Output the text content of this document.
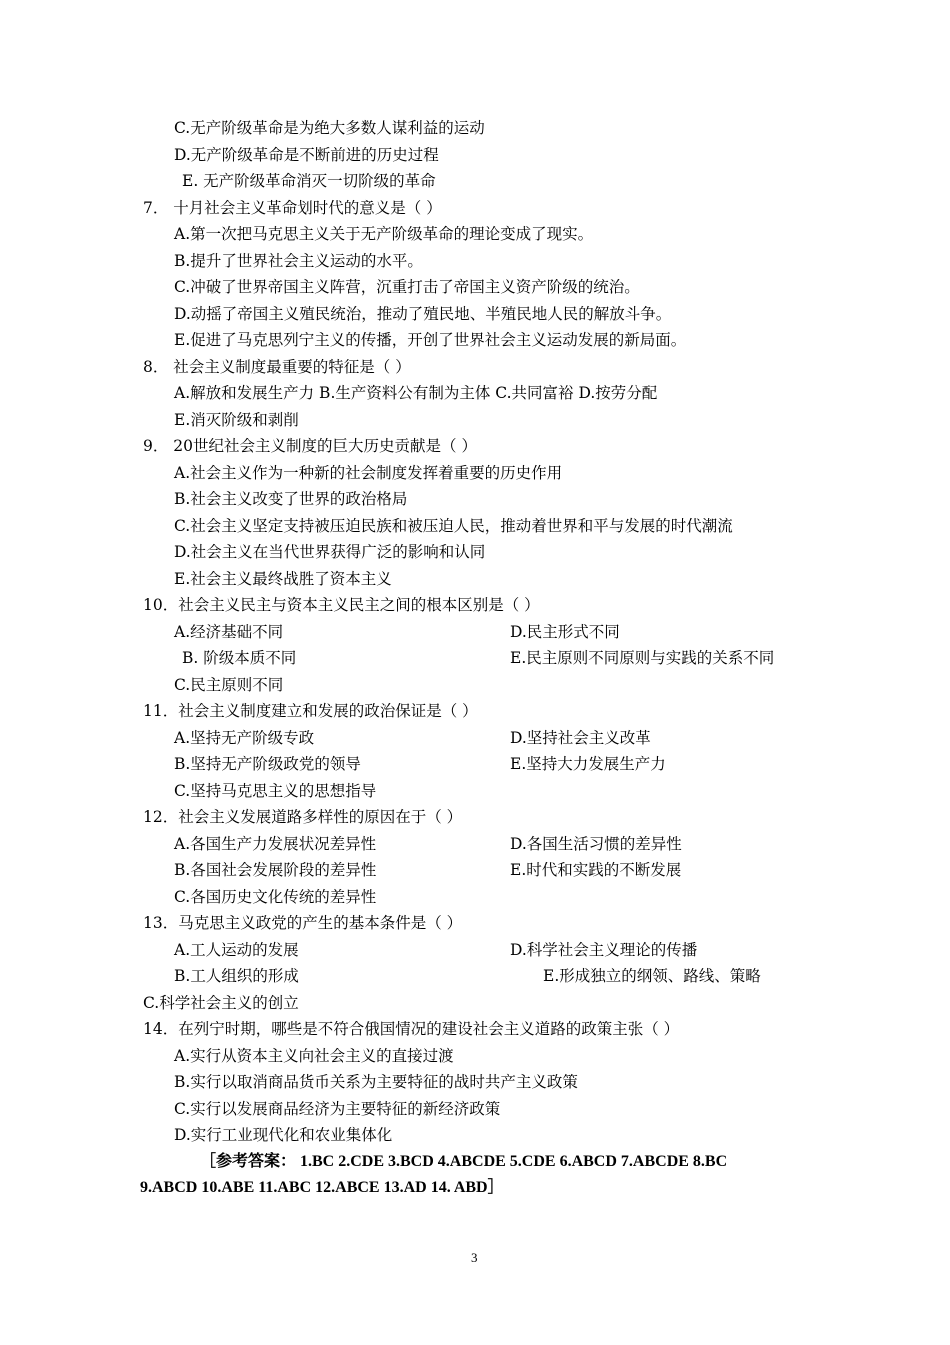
C.无产阶级革命是为绝大多数人谋利益的运动
D.无产阶级革命是不断前进的历史过程
E. 无产阶级革命消灭一切阶级的革命
7． 十月社会主义革命划时代的意义是（ ）
A.第一次把马克思主义关于无产阶级革命的理论变成了现实。
B.提升了世界社会主义运动的水平。
C.冲破了世界帝国主义阵营，沉重打击了帝国主义资产阶级的统治。
D.动摇了帝国主义殖民统治，推动了殖民地、半殖民地人民的解放斗争。
E.促进了马克思列宁主义的传播，开创了世界社会主义运动发展的新局面。
8． 社会主义制度最重要的特征是（ ）
A.解放和发展生产力 B.生产资料公有制为主体 C.共同富裕 D.按劳分配
E.消灭阶级和剥削
9． 20世纪社会主义制度的巨大历史贡献是（ ）
A.社会主义作为一种新的社会制度发挥着重要的历史作用
B.社会主义改变了世界的政治格局
C.社会主义坚定支持被压迫民族和被压迫人民，推动着世界和平与发展的时代潮流
D.社会主义在当代世界获得广泛的影响和认同
E.社会主义最终战胜了资本主义
10．社会主义民主与资本主义民主之间的根本区别是（ ）
A.经济基础不同	D.民主形式不同
B. 阶级本质不同	E.民主原则不同原则与实践的关系不同
C.民主原则不同
11．社会主义制度建立和发展的政治保证是（ ）
A.坚持无产阶级专政	D.坚持社会主义改革
B.坚持无产阶级政党的领导	E.坚持大力发展生产力
C.坚持马克思主义的思想指导
12．社会主义发展道路多样性的原因在于（ ）
A.各国生产力发展状况差异性	D.各国生活习惯的差异性
B.各国社会发展阶段的差异性	E.时代和实践的不断发展
C.各国历史文化传统的差异性
13．马克思主义政党的产生的基本条件是（ ）
A.工人运动的发展	D.科学社会主义理论的传播
B.工人组织的形成	E.形成独立的纲领、路线、策略
C.科学社会主义的创立
14．在列宁时期，哪些是不符合俄国情况的建设社会主义道路的政策主张（ ）
A.实行从资本主义向社会主义的直接过渡
B.实行以取消商品货币关系为主要特征的战时共产主义政策
C.实行以发展商品经济为主要特征的新经济政策
D.实行工业现代化和农业集体化
［参考答案： 1.BC 2.CDE 3.BCD 4.ABCDE 5.CDE 6.ABCD 7.ABCDE 8.BC
9.ABCD 10.ABE 11.ABC 12.ABCE 13.AD 14. ABD］
3
